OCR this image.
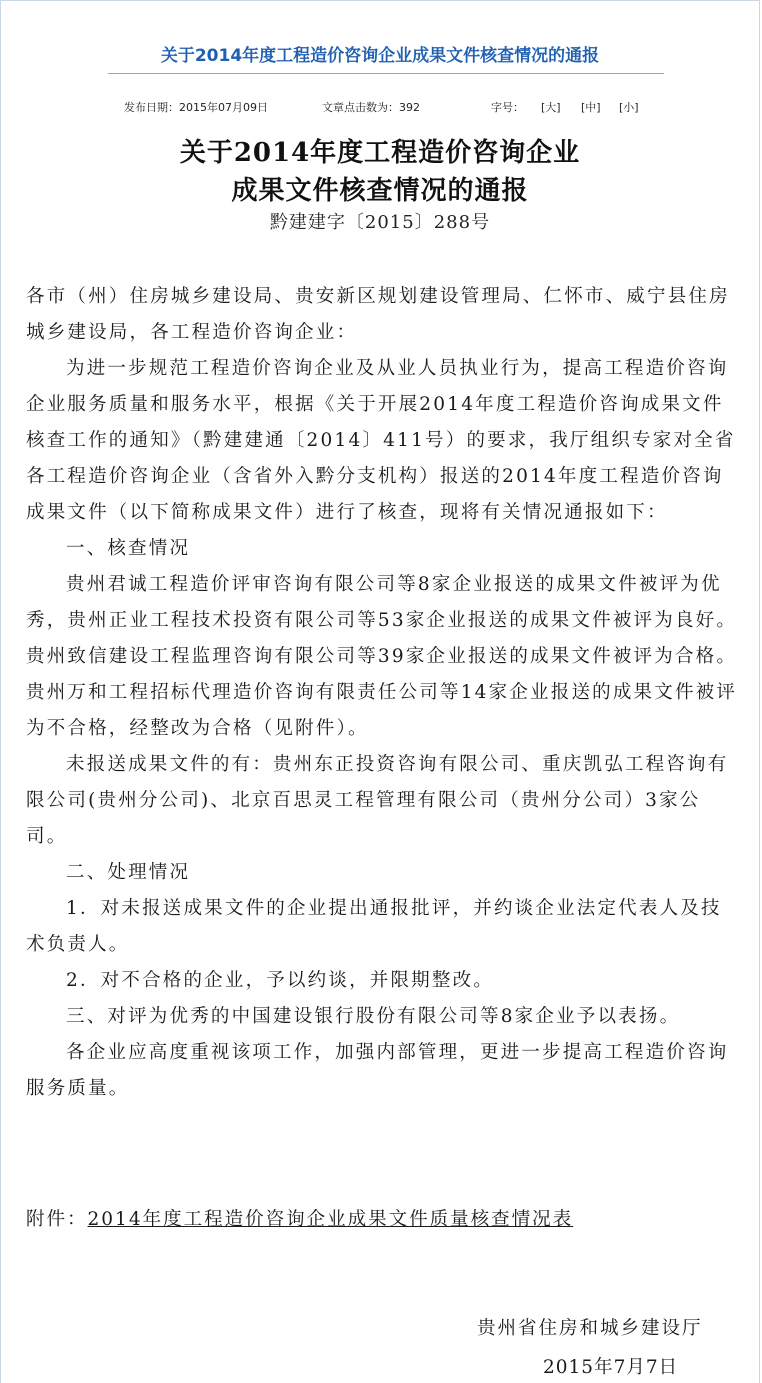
关于2014年度工程造价咨询企业成果文件核查情况的通报
发布日期：2015年07月09日	文章点击数为：392	字号： [大] [中] [小]
关于2014年度工程造价咨询企业
成果文件核查情况的通报
黔建建字〔2015〕288号

各市（州）住房城乡建设局、贵安新区规划建设管理局、仁怀市、威宁县住房城乡建设局，各工程造价咨询企业：

为进一步规范工程造价咨询企业及从业人员执业行为，提高工程造价咨询企业服务质量和服务水平，根据《关于开展2014年度工程造价咨询成果文件核查工作的通知》（黔建建通〔2014〕411号）的要求，我厅组织专家对全省各工程造价咨询企业（含省外入黔分支机构）报送的2014年度工程造价咨询成果文件（以下简称成果文件）进行了核查，现将有关情况通报如下：

一、核查情况

贵州君诚工程造价评审咨询有限公司等8家企业报送的成果文件被评为优秀，贵州正业工程技术投资有限公司等53家企业报送的成果文件被评为良好。贵州致信建设工程监理咨询有限公司等39家企业报送的成果文件被评为合格。贵州万和工程招标代理造价咨询有限责任公司等14家企业报送的成果文件被评为不合格，经整改为合格（见附件）。

未报送成果文件的有：贵州东正投资咨询有限公司、重庆凯弘工程咨询有限公司(贵州分公司)、北京百思灵工程管理有限公司（贵州分公司）3家公司。

二、处理情况

1．对未报送成果文件的企业提出通报批评，并约谈企业法定代表人及技术负责人。

2．对不合格的企业，予以约谈，并限期整改。

三、对评为优秀的中国建设银行股份有限公司等8家企业予以表扬。

各企业应高度重视该项工作，加强内部管理，更进一步提高工程造价咨询服务质量。

附件：2014年度工程造价咨询企业成果文件质量核查情况表
贵州省住房和城乡建设厅
2015年7月7日
